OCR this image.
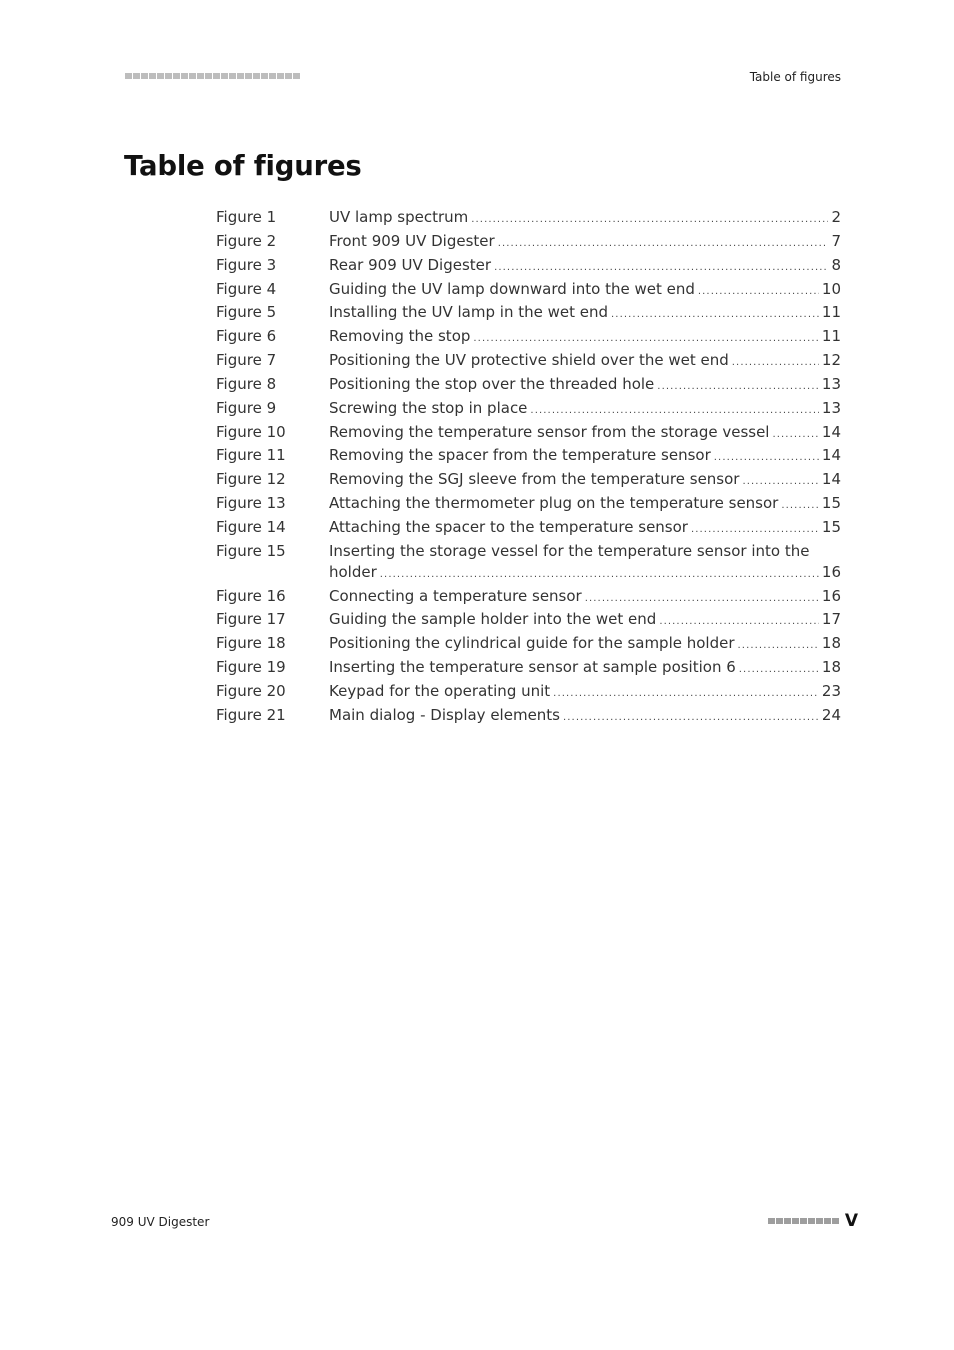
Table of figures
Table of figures
Figure 1	UV lamp spectrum .....	2
Figure 2	Front 909 UV Digester .....	7
Figure 3	Rear 909 UV Digester .....	8
Figure 4	Guiding the UV lamp downward into the wet end .....	10
Figure 5	Installing the UV lamp in the wet end .....	11
Figure 6	Removing the stop .....	11
Figure 7	Positioning the UV protective shield over the wet end .....	12
Figure 8	Positioning the stop over the threaded hole .....	13
Figure 9	Screwing the stop in place .....	13
Figure 10	Removing the temperature sensor from the storage vessel .....	14
Figure 11	Removing the spacer from the temperature sensor .....	14
Figure 12	Removing the SGJ sleeve from the temperature sensor .....	14
Figure 13	Attaching the thermometer plug on the temperature sensor .....	15
Figure 14	Attaching the spacer to the temperature sensor .....	15
Figure 15	Inserting the storage vessel for the temperature sensor into the
holder .....	16
Figure 16	Connecting a temperature sensor .....	16
Figure 17	Guiding the sample holder into the wet end .....	17
Figure 18	Positioning the cylindrical guide for the sample holder .....	18
Figure 19	Inserting the temperature sensor at sample position 6 .....	18
Figure 20	Keypad for the operating unit .....	23
Figure 21	Main dialog - Display elements .....	24
909 UV Digester	V
